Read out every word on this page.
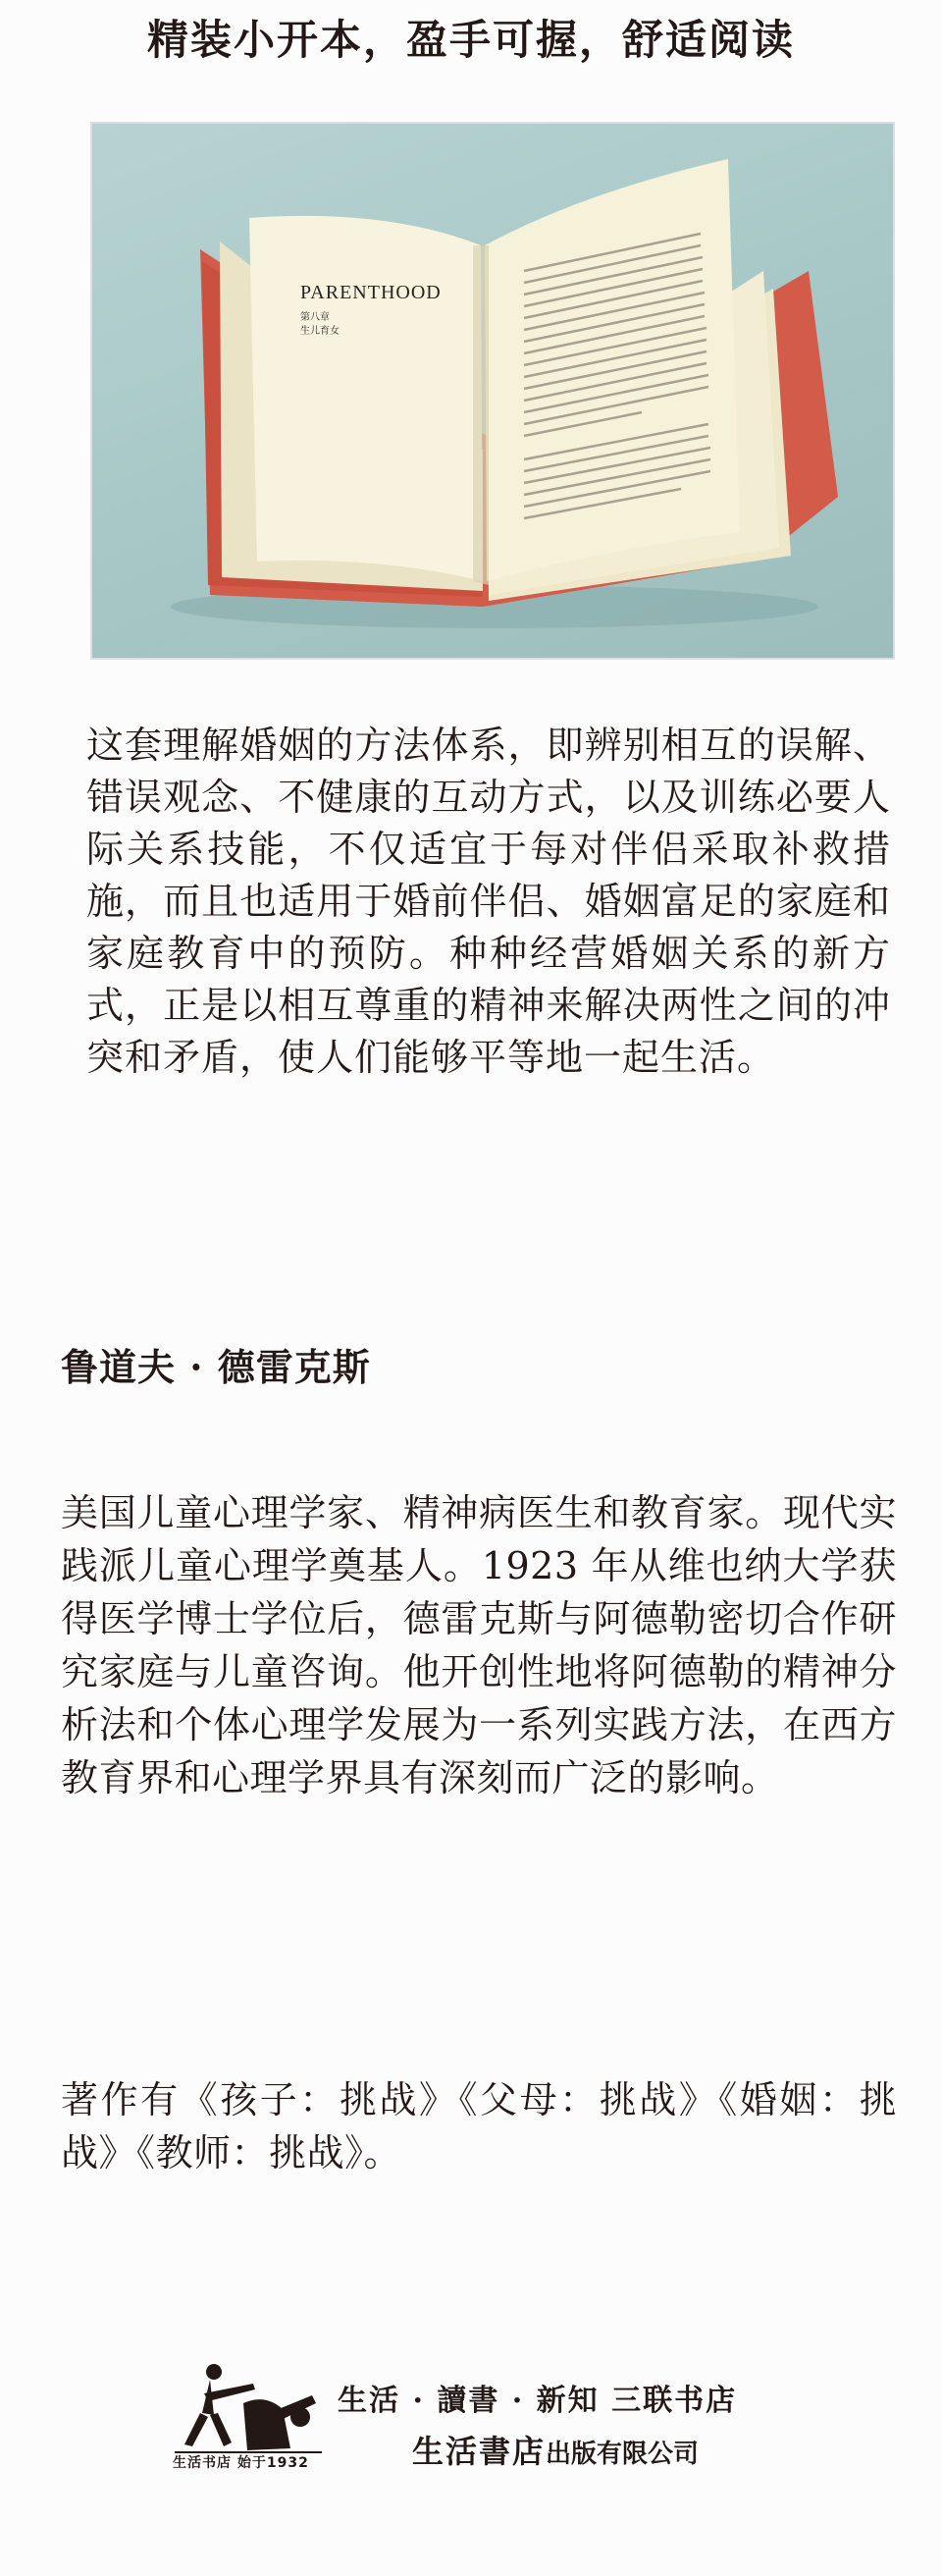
精装小开本，盈手可握，舒适阅读
PARENTHOOD
第八章
生儿育女
这套理解婚姻的方法体系，即辨别相互的误解、错误观念、不健康的互动方式，以及训练必要人际关系技能，不仅适宜于每对伴侣采取补救措施，而且也适用于婚前伴侣、婚姻富足的家庭和家庭教育中的预防。种种经营婚姻关系的新方式，正是以相互尊重的精神来解决两性之间的冲突和矛盾，使人们能够平等地一起生活。
鲁道夫 · 德雷克斯
美国儿童心理学家、精神病医生和教育家。现代实践派儿童心理学奠基人。1923 年从维也纳大学获得医学博士学位后，德雷克斯与阿德勒密切合作研究家庭与儿童咨询。他开创性地将阿德勒的精神分析法和个体心理学发展为一系列实践方法，在西方教育界和心理学界具有深刻而广泛的影响。
著作有《孩子：挑战》《父母：挑战》《婚姻：挑战》《教师：挑战》。
生活书店 始于1932
生活 · 讀書 · 新知 三联书店
生活書店出版有限公司
